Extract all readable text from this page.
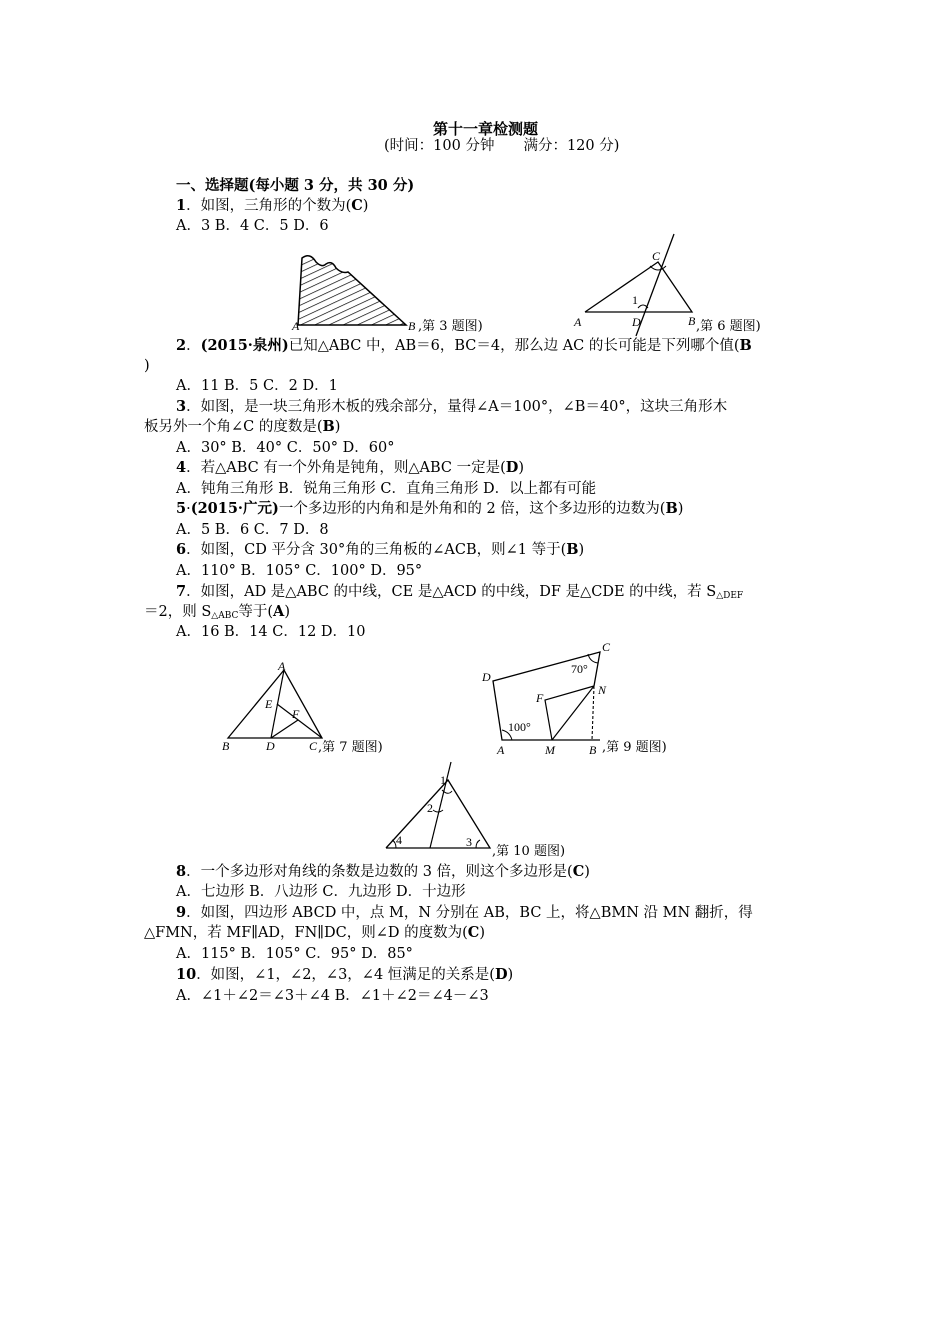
第十一章检测题
(时间：100 分钟　　满分：120 分)
一、选择题(每小题 3 分，共 30 分)
1．如图，三角形的个数为(C)
A．3 B．4 C．5 D．6
A	B ,第 3 题图)	A	D	B
C
1
,第 6 题图)
2．(2015·泉州)已知△ABC 中，AB＝6，BC＝4，那么边 AC 的长可能是下列哪个值(B
)
A．11 B．5 C．2 D．1
3．如图，是一块三角形木板的残余部分，量得∠A＝100°，∠B＝40°，这块三角形木
板另外一个角∠C 的度数是(B)
A．30° B．40° C．50° D．60°
4．若△ABC 有一个外角是钝角，则△ABC 一定是(D)
A．钝角三角形 B．锐角三角形 C．直角三角形 D．以上都有可能
5·(2015·广元)一个多边形的内角和是外角和的 2 倍，这个多边形的边数为(B)
A．5 B．6 C．7 D．8
6．如图，CD 平分含 30°角的三角板的∠ACB，则∠1 等于(B)
A．110° B．105° C．100° D．95°
7．如图，AD 是△ABC 的中线，CE 是△ACD 的中线，DF 是△CDE 的中线，若 $S_{\triangle DEF}$
＝2，则 $S_{\triangle ABC}$等于(A)
A．16 B．14 C．12 D．10
A
E
F
B	D	C ,第 7 题图)
C
D
F
N
A	M	B
70°
100°
,第 9 题图)
1
2
3
4
,第 10 题图)
8．一个多边形对角线的条数是边数的 3 倍，则这个多边形是(C)
A．七边形 B．八边形 C．九边形 D．十边形
9．如图，四边形 ABCD 中，点 M，N 分别在 AB，BC 上，将△BMN 沿 MN 翻折，得
△FMN，若 MF∥AD，FN∥DC，则∠D 的度数为(C)
A．115° B．105° C．95° D．85°
10．如图，∠1，∠2，∠3，∠4 恒满足的关系是(D)
A．∠1＋∠2＝∠3＋∠4 B．∠1＋∠2＝∠4－∠3
